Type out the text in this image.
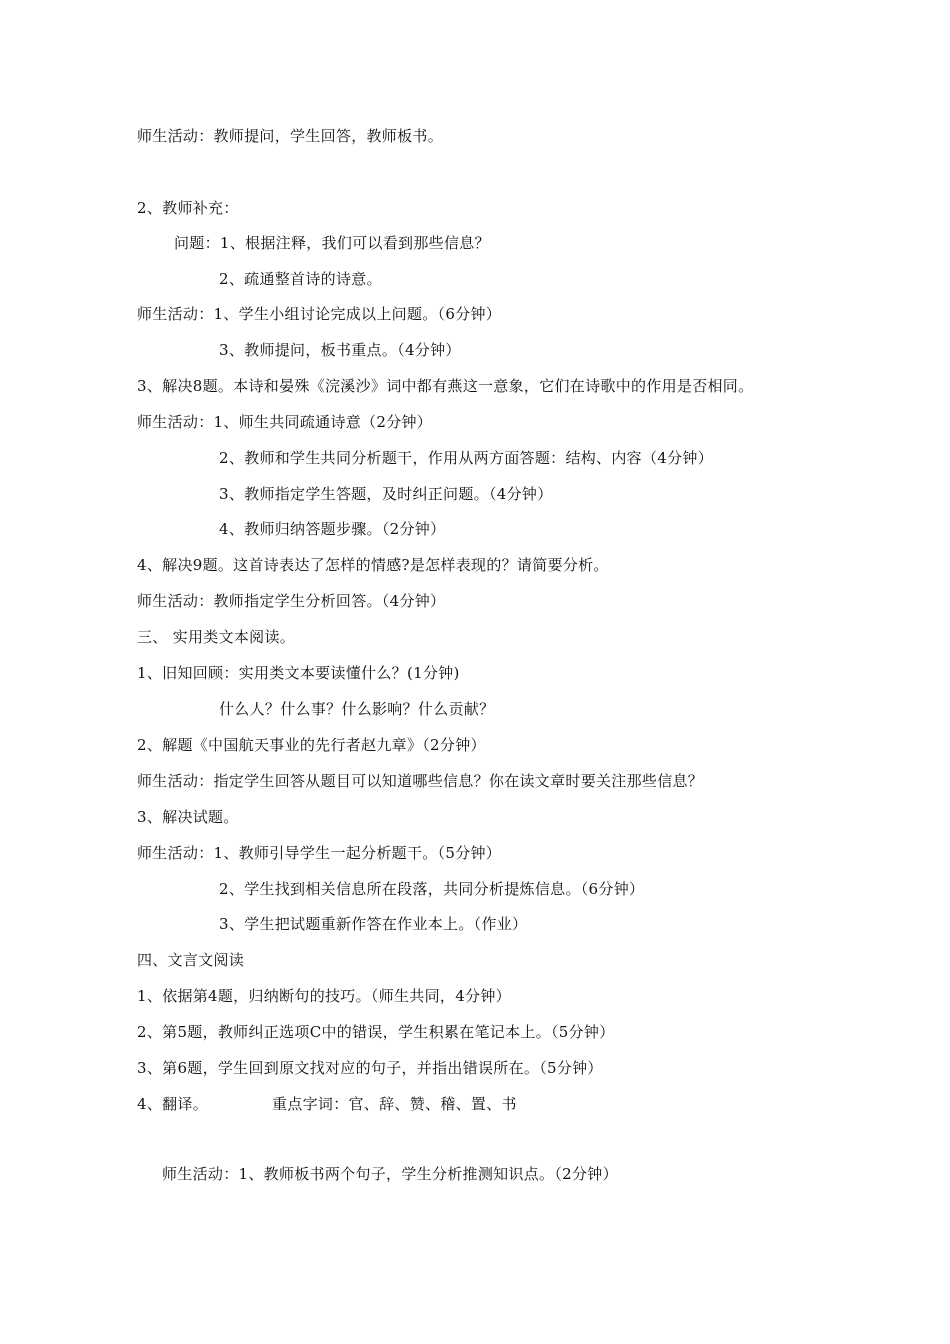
师生活动：教师提问，学生回答，教师板书。
2、教师补充：
问题：1、根据注释，我们可以看到那些信息？
2、疏通整首诗的诗意。
师生活动：1、学生小组讨论完成以上问题。（6分钟）
3、教师提问，板书重点。（4分钟）
3、解决8题。本诗和晏殊《浣溪沙》词中都有燕这一意象，它们在诗歌中的作用是否相同。
师生活动：1、师生共同疏通诗意（2分钟）
2、教师和学生共同分析题干，作用从两方面答题：结构、内容（4分钟）
3、教师指定学生答题，及时纠正问题。（4分钟）
4、教师归纳答题步骤。（2分钟）
4、解决9题。这首诗表达了怎样的情感?是怎样表现的？请简要分析。
师生活动：教师指定学生分析回答。（4分钟）
三、 实用类文本阅读。
1、旧知回顾：实用类文本要读懂什么？(1分钟)
什么人？什么事？什么影响？什么贡献？
2、解题《中国航天事业的先行者赵九章》（2分钟）
师生活动：指定学生回答从题目可以知道哪些信息？你在读文章时要关注那些信息？
3、解决试题。
师生活动：1、教师引导学生一起分析题干。（5分钟）
2、学生找到相关信息所在段落，共同分析提炼信息。（6分钟）
3、学生把试题重新作答在作业本上。（作业）
四、文言文阅读
1、依据第4题，归纳断句的技巧。（师生共同，4分钟）
2、第5题，教师纠正选项C中的错误，学生积累在笔记本上。（5分钟）
3、第6题，学生回到原文找对应的句子，并指出错误所在。（5分钟）
4、翻译。	重点字词：官、辞、赞、稽、置、书
师生活动：1、教师板书两个句子，学生分析推测知识点。（2分钟）
